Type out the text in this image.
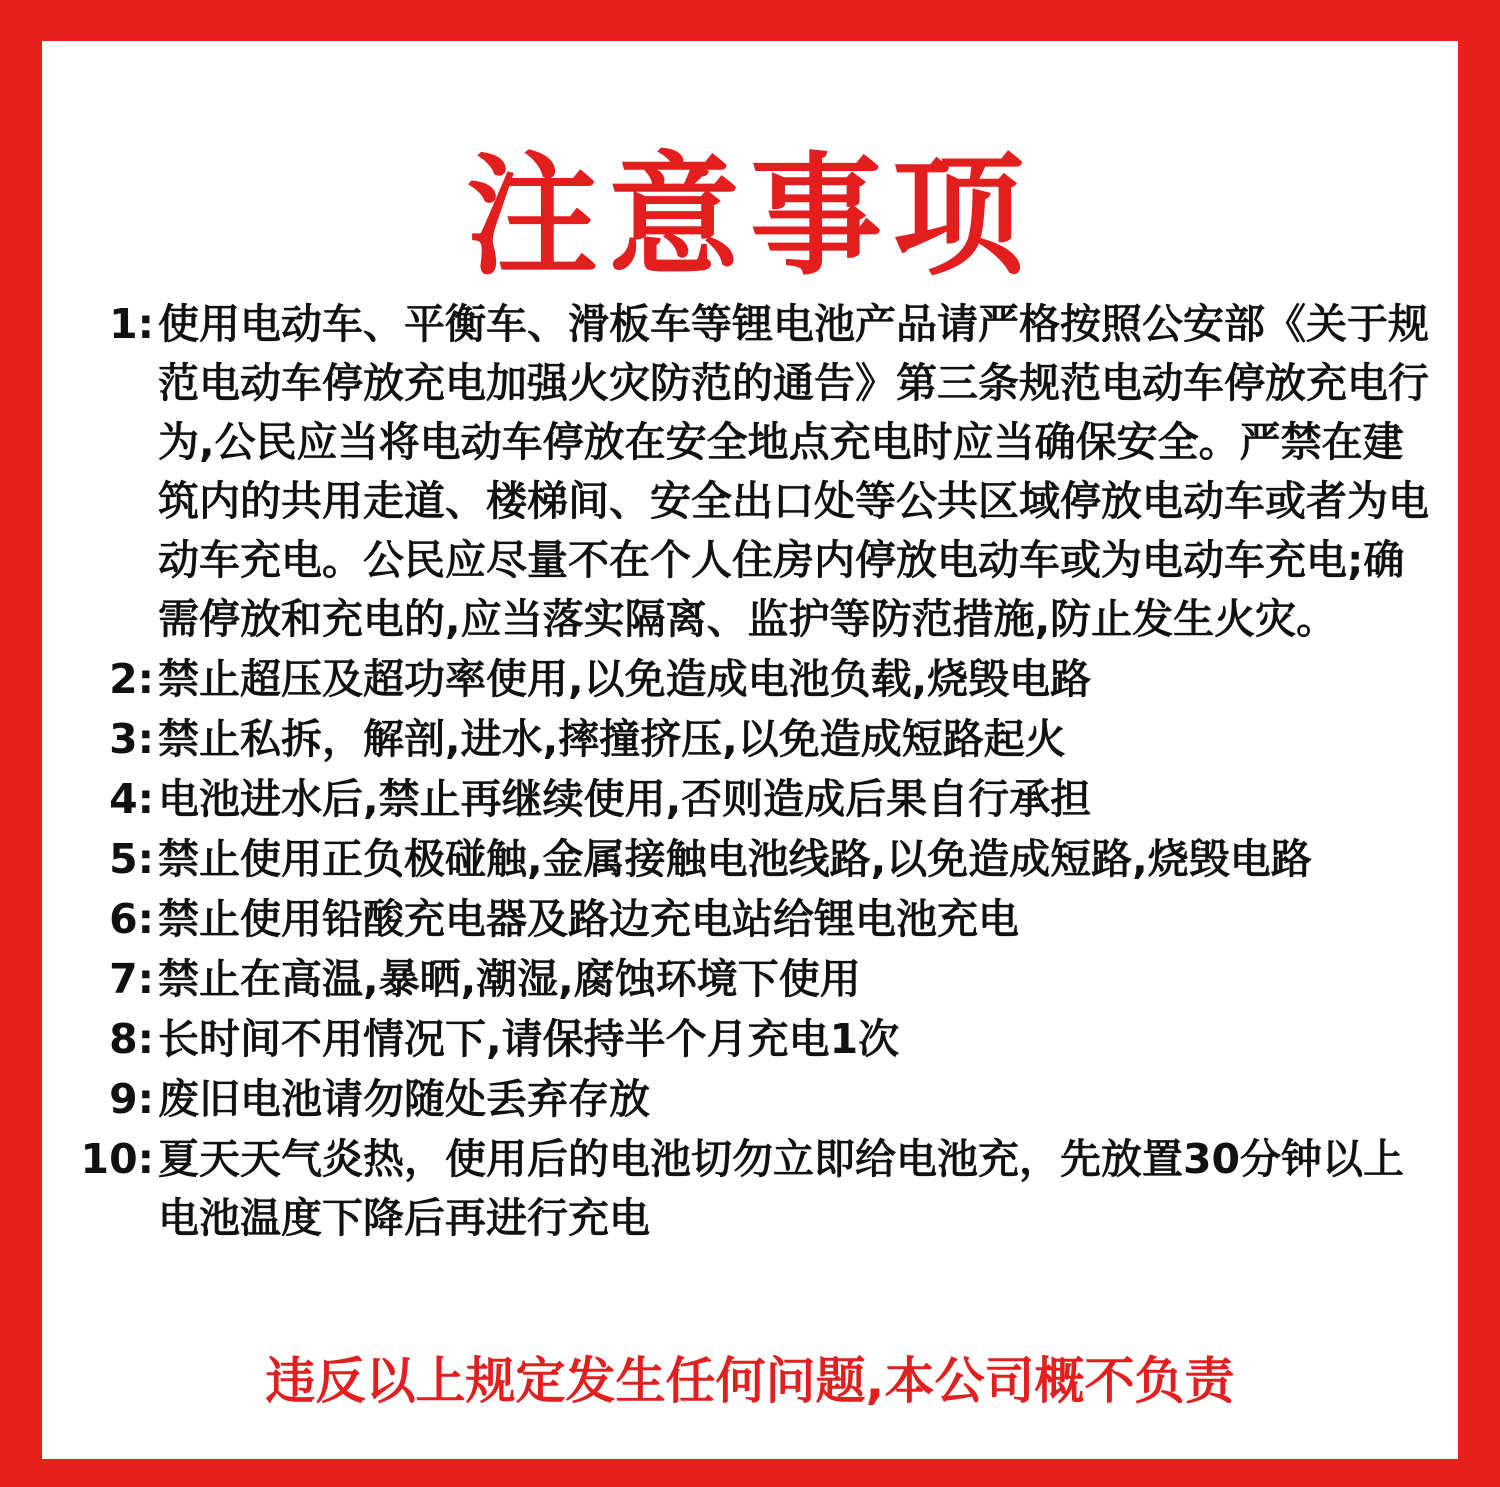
注意事项
1: 使用电动车、平衡车、滑板车等锂电池产品请严格按照公安部《关于规范电动车停放充电加强火灾防范的通告》第三条规范电动车停放充电行为,公民应当将电动车停放在安全地点充电时应当确保安全。严禁在建筑内的共用走道、楼梯间、安全出口处等公共区域停放电动车或者为电动车充电。公民应尽量不在个人住房内停放电动车或为电动车充电;确需停放和充电的,应当落实隔离、监护等防范措施,防止发生火灾。
2: 禁止超压及超功率使用,以免造成电池负载,烧毁电路
3: 禁止私拆，解剖,进水,摔撞挤压,以免造成短路起火
4: 电池进水后,禁止再继续使用,否则造成后果自行承担
5: 禁止使用正负极碰触,金属接触电池线路,以免造成短路,烧毁电路
6: 禁止使用铅酸充电器及路边充电站给锂电池充电
7: 禁止在高温,暴晒,潮湿,腐蚀环境下使用
8: 长时间不用情况下,请保持半个月充电1次
9: 废旧电池请勿随处丢弃存放
10: 夏天天气炎热，使用后的电池切勿立即给电池充，先放置30分钟以上电池温度下降后再进行充电
违反以上规定发生任何问题,本公司概不负责
